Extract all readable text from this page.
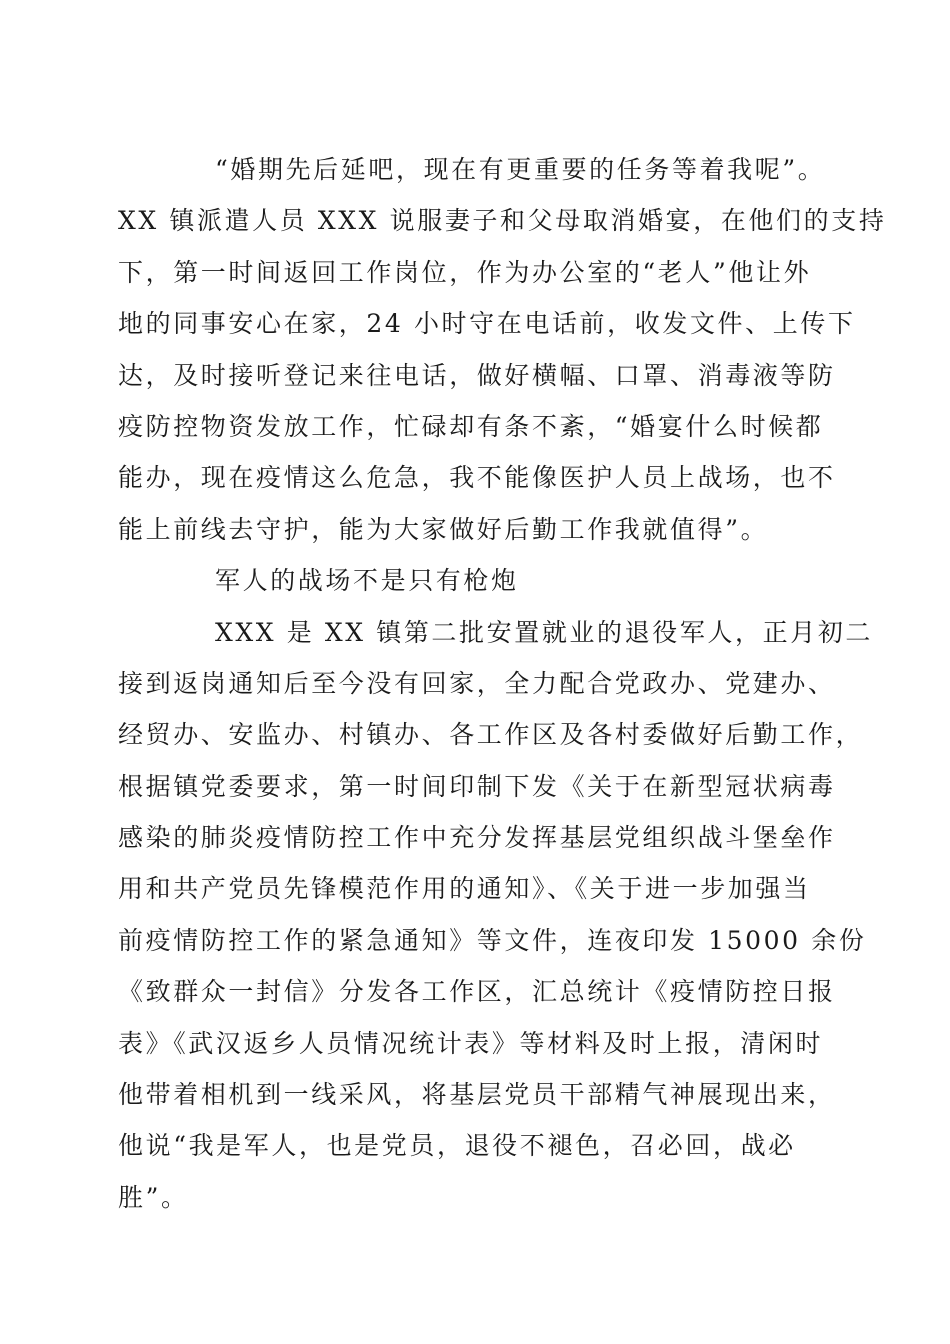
“婚期先后延吧，现在有更重要的任务等着我呢”。
XX 镇派遣人员 XXX 说服妻子和父母取消婚宴，在他们的支持
下，第一时间返回工作岗位，作为办公室的“老人”他让外
地的同事安心在家，24 小时守在电话前，收发文件、上传下
达，及时接听登记来往电话，做好横幅、口罩、消毒液等防
疫防控物资发放工作，忙碌却有条不紊，“婚宴什么时候都
能办，现在疫情这么危急，我不能像医护人员上战场，也不
能上前线去守护，能为大家做好后勤工作我就值得”。
军人的战场不是只有枪炮
XXX 是 XX 镇第二批安置就业的退役军人，正月初二
接到返岗通知后至今没有回家，全力配合党政办、党建办、
经贸办、安监办、村镇办、各工作区及各村委做好后勤工作，
根据镇党委要求，第一时间印制下发《关于在新型冠状病毒
感染的肺炎疫情防控工作中充分发挥基层党组织战斗堡垒作
用和共产党员先锋模范作用的通知》、《关于进一步加强当
前疫情防控工作的紧急通知》等文件，连夜印发 15000 余份
《致群众一封信》分发各工作区，汇总统计《疫情防控日报
表》《武汉返乡人员情况统计表》等材料及时上报，清闲时
他带着相机到一线采风，将基层党员干部精气神展现出来，
他说“我是军人，也是党员，退役不褪色，召必回，战必
胜”。
